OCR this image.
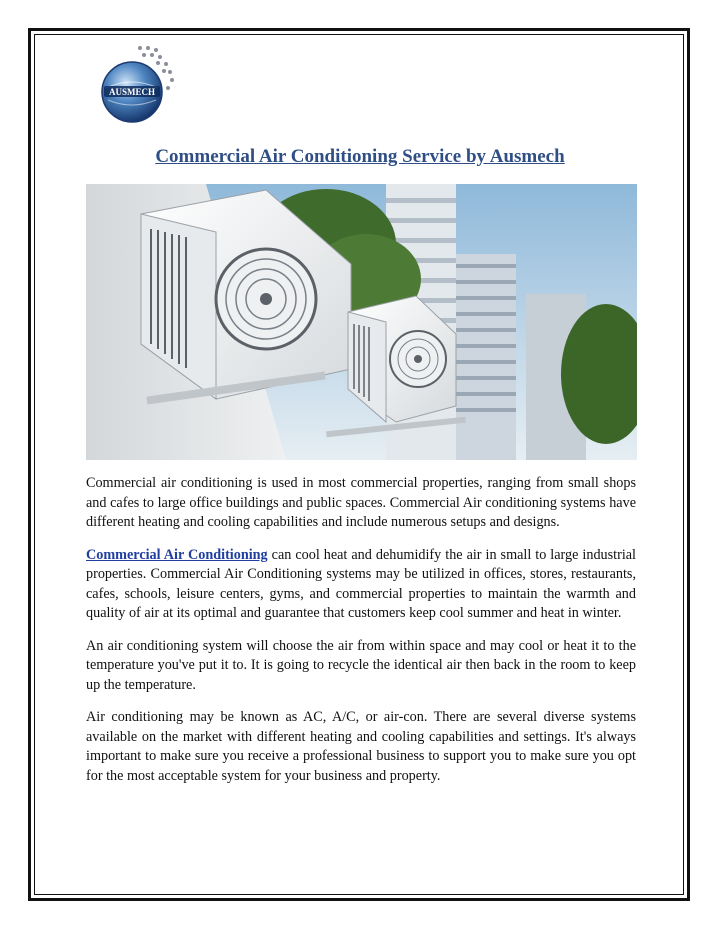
AUSMECH
Commercial Air Conditioning Service by Ausmech

Commercial air conditioning is used in most commercial properties, ranging from small shops and cafes to large office buildings and public spaces. Commercial Air conditioning systems have different heating and cooling capabilities and include numerous setups and designs.

Commercial Air Conditioning can cool heat and dehumidify the air in small to large industrial properties. Commercial Air Conditioning systems may be utilized in offices, stores, restaurants, cafes, schools, leisure centers, gyms, and commercial properties to maintain the warmth and quality of air at its optimal and guarantee that customers keep cool summer and heat in winter.

An air conditioning system will choose the air from within space and may cool or heat it to the temperature you've put it to. It is going to recycle the identical air then back in the room to keep up the temperature.

Air conditioning may be known as AC, A/C, or air-con. There are several diverse systems available on the market with different heating and cooling capabilities and settings. It's always important to make sure you receive a professional business to support you to make sure you opt for the most acceptable system for your business and property.
